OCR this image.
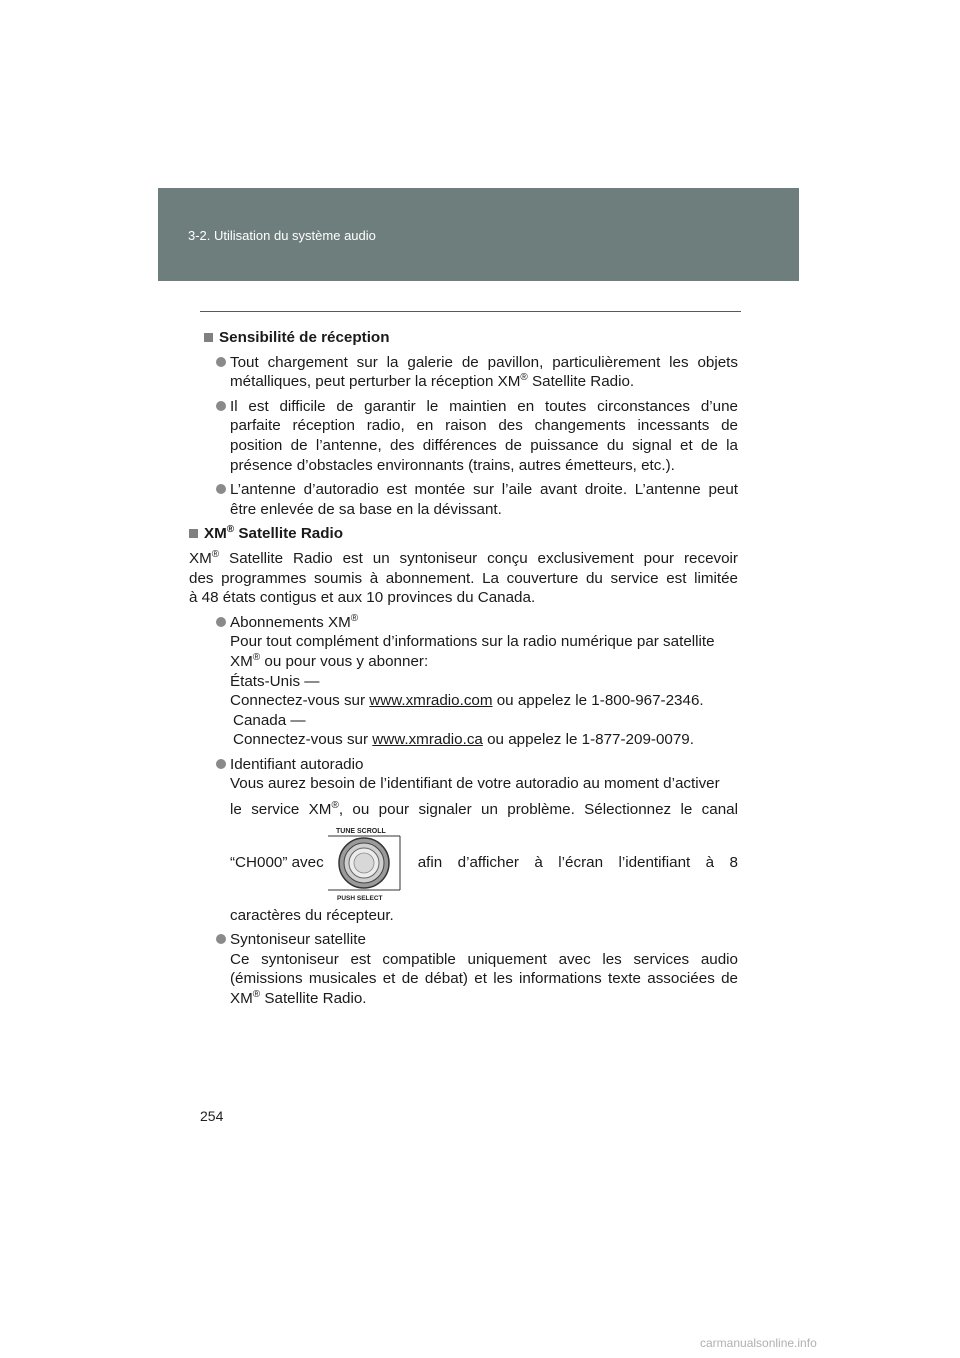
3-2. Utilisation du système audio
Sensibilité de réception
Tout chargement sur la galerie de pavillon, particulièrement les objets
métalliques, peut perturber la réception XM® Satellite Radio.
Il est difficile de garantir le maintien en toutes circonstances d’une
parfaite réception radio, en raison des changements incessants de
position de l’antenne, des différences de puissance du signal et de la
présence d’obstacles environnants (trains, autres émetteurs, etc.).
L’antenne d’autoradio est montée sur l’aile avant droite. L’antenne peut
être enlevée de sa base en la dévissant.
XM® Satellite Radio
XM® Satellite Radio est un syntoniseur conçu exclusivement pour recevoir
des programmes soumis à abonnement. La couverture du service est limitée
à 48 états contigus et aux 10 provinces du Canada.
Abonnements XM®
Pour tout complément d’informations sur la radio numérique par satellite
XM® ou pour vous y abonner:
États-Unis —
Connectez-vous sur www.xmradio.com ou appelez le 1-800-967-2346.
Canada —
Connectez-vous sur www.xmradio.ca ou appelez le 1-877-209-0079.
Identifiant autoradio
Vous aurez besoin de l’identifiant de votre autoradio au moment d’activer
le service XM®, ou pour signaler un problème. Sélectionnez le canal
“CH000” avec
TUNE SCROLL
PUSH SELECT
afin d’afficher à l’écran l’identifiant à 8
caractères du récepteur.
Syntoniseur satellite
Ce syntoniseur est compatible uniquement avec les services audio
(émissions musicales et de débat) et les informations texte associées de
XM® Satellite Radio.
254
carmanualsonline.info
